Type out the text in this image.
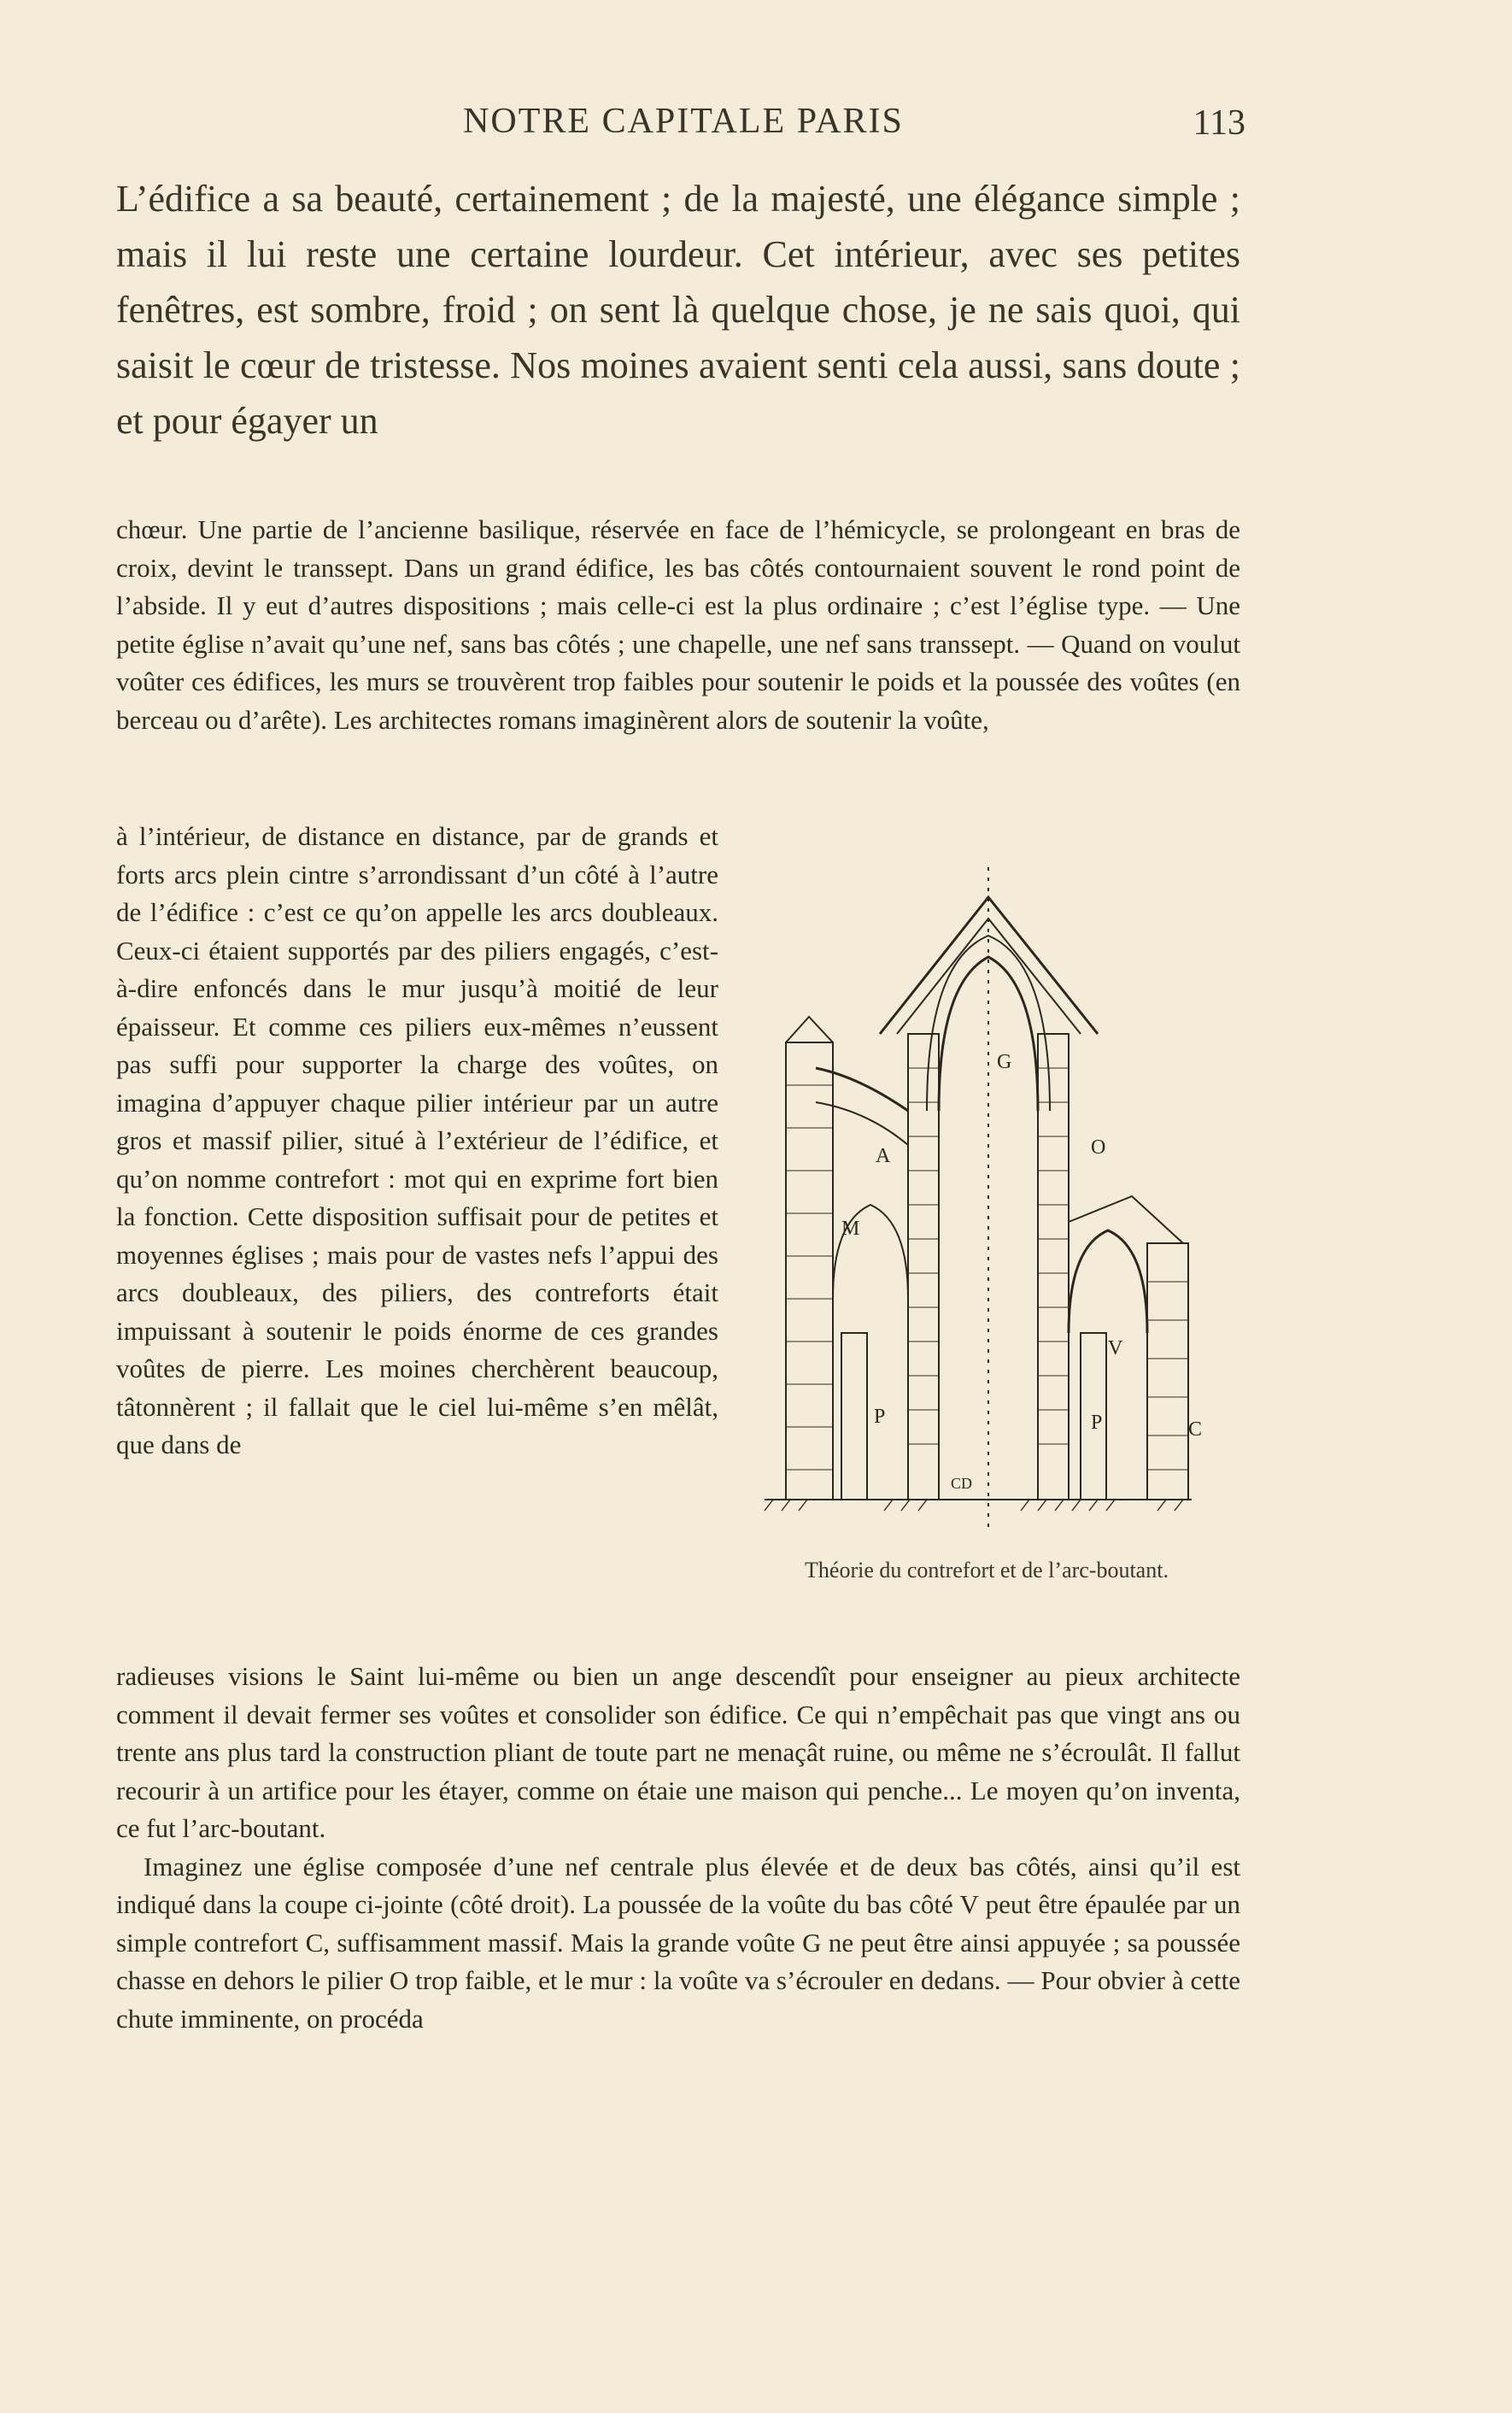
NOTRE CAPITALE PARIS	113

L’édifice a sa beauté, certainement ; de la majesté, une élégance simple ; mais il lui reste une certaine lourdeur. Cet intérieur, avec ses petites fenêtres, est sombre, froid ; on sent là quelque chose, je ne sais quoi, qui saisit le cœur de tristesse. Nos moines avaient senti cela aussi, sans doute ; et pour égayer un

chœur. Une partie de l’ancienne basilique, réservée en face de l’hémicycle, se prolongeant en bras de croix, devint le transsept. Dans un grand édifice, les bas côtés contournaient souvent le rond point de l’abside. Il y eut d’autres dispositions ; mais celle-ci est la plus ordinaire ; c’est l’église type. — Une petite église n’avait qu’une nef, sans bas côtés ; une chapelle, une nef sans transsept. — Quand on voulut voûter ces édifices, les murs se trouvèrent trop faibles pour soutenir le poids et la poussée des voûtes (en berceau ou d’arête). Les architectes romans imaginèrent alors de soutenir la voûte,

à l’intérieur, de distance en distance, par de grands et forts arcs plein cintre s’arrondissant d’un côté à l’autre de l’édifice : c’est ce qu’on appelle les arcs doubleaux. Ceux-ci étaient supportés par des piliers engagés, c’est-à-dire enfoncés dans le mur jusqu’à moitié de leur épaisseur. Et comme ces piliers eux-mêmes n’eussent pas suffi pour supporter la charge des voûtes, on imagina d’appuyer chaque pilier intérieur par un autre gros et massif pilier, situé à l’extérieur de l’édifice, et qu’on nomme contrefort : mot qui en exprime fort bien la fonction. Cette disposition suffisait pour de petites et moyennes églises ; mais pour de vastes nefs l’appui des arcs doubleaux, des piliers, des contreforts était impuissant à soutenir le poids énorme de ces grandes voûtes de pierre. Les moines cherchèrent beaucoup, tâtonnèrent ; il fallait que le ciel lui-même s’en mêlât, que dans de

G
O
A
M
V
P	P	C
CD
Théorie du contrefort et de l’arc-boutant.

radieuses visions le Saint lui-même ou bien un ange descendît pour enseigner au pieux architecte comment il devait fermer ses voûtes et consolider son édifice. Ce qui n’empêchait pas que vingt ans ou trente ans plus tard la construction pliant de toute part ne menaçât ruine, ou même ne s’écroulât. Il fallut recourir à un artifice pour les étayer, comme on étaie une maison qui penche... Le moyen qu’on inventa, ce fut l’arc-boutant.

Imaginez une église composée d’une nef centrale plus élevée et de deux bas côtés, ainsi qu’il est indiqué dans la coupe ci-jointe (côté droit). La poussée de la voûte du bas côté V peut être épaulée par un simple contrefort C, suffisamment massif. Mais la grande voûte G ne peut être ainsi appuyée ; sa poussée chasse en dehors le pilier O trop faible, et le mur : la voûte va s’écrouler en dedans. — Pour obvier à cette chute imminente, on procéda
